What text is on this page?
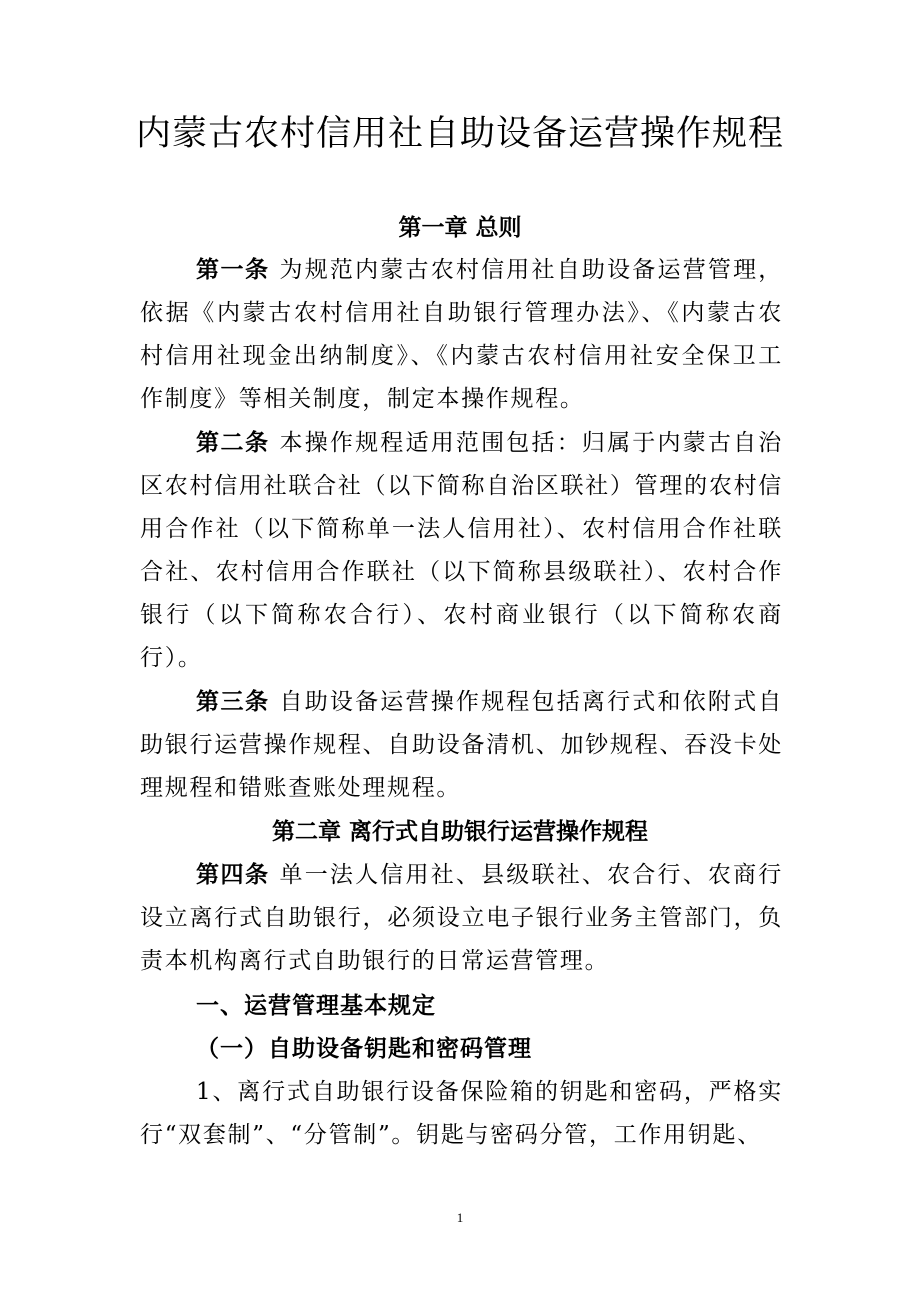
内蒙古农村信用社自助设备运营操作规程
第一章 总则

第一条 为规范内蒙古农村信用社自助设备运营管理，依据《内蒙古农村信用社自助银行管理办法》、《内蒙古农村信用社现金出纳制度》、《内蒙古农村信用社安全保卫工作制度》等相关制度，制定本操作规程。

第二条 本操作规程适用范围包括：归属于内蒙古自治区农村信用社联合社（以下简称自治区联社）管理的农村信用合作社（以下简称单一法人信用社）、农村信用合作社联合社、农村信用合作联社（以下简称县级联社）、农村合作银行（以下简称农合行）、农村商业银行（以下简称农商行）。

第三条 自助设备运营操作规程包括离行式和依附式自助银行运营操作规程、自助设备清机、加钞规程、吞没卡处理规程和错账查账处理规程。

第二章 离行式自助银行运营操作规程

第四条 单一法人信用社、县级联社、农合行、农商行设立离行式自助银行，必须设立电子银行业务主管部门，负责本机构离行式自助银行的日常运营管理。

一、运营管理基本规定
（一）自助设备钥匙和密码管理

1、离行式自助银行设备保险箱的钥匙和密码，严格实行“双套制”、“分管制”。钥匙与密码分管，工作用钥匙、

1
